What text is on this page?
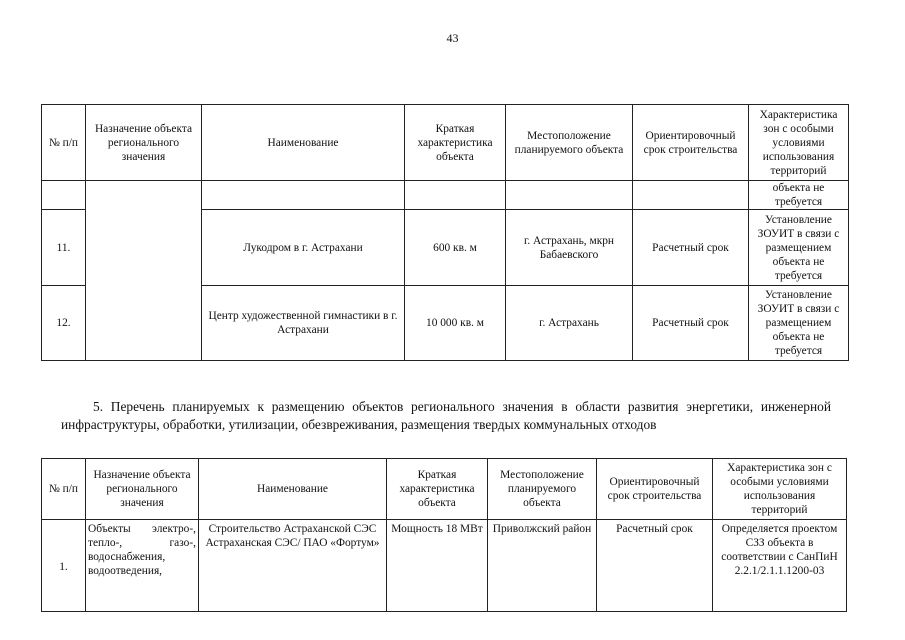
43
№ п/п	Назначение объекта регионального значения	Наименование	Краткая характеристика объекта	Местоположение планируемого объекта	Ориентировочный срок строительства	Характеристика зон с особыми условиями использования территорий
						объекта не требуется
11.		Лукодром в г. Астрахани	600 кв. м	г. Астрахань, мкрн Бабаевского	Расчетный срок	Установление ЗОУИТ в связи с размещением объекта не требуется
12.		Центр художественной гимнастики в г. Астрахани	10 000 кв. м	г. Астрахань	Расчетный срок	Установление ЗОУИТ в связи с размещением объекта не требуется
5. Перечень планируемых к размещению объектов регионального значения в области развития энергетики, инженерной инфраструктуры, обработки, утилизации, обезвреживания, размещения твердых коммунальных отходов
№ п/п	Назначение объекта регионального значения	Наименование	Краткая характеристика объекта	Местоположение планируемого объекта	Ориентировочный срок строительства	Характеристика зон с особыми условиями использования территорий
1.	Объекты электро-, тепло-, газо-, водоснабжения, водоотведения,	Строительство Астраханской СЭС Астраханская СЭС/ ПАО «Фортум»	Мощность 18 МВт	Приволжский район	Расчетный срок	Определяется проектом СЗЗ объекта в соответствии с СанПиН 2.2.1/2.1.1.1200-03
